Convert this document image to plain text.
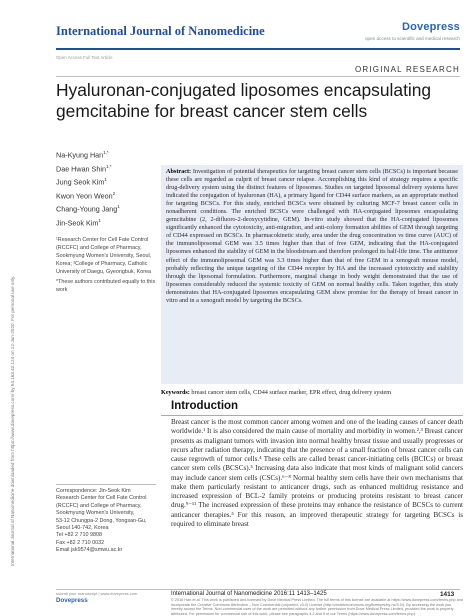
International Journal of Nanomedicine	Dovepress
open access to scientific and medical research
Open Access Full Text Article
ORIGINAL RESEARCH
Hyaluronan-conjugated liposomes encapsulating gemcitabine for breast cancer stem cells
International Journal of Nanomedicine downloaded from https://www.dovepress.com/ by 54.163.42.124 on 12-Jun-2020. For personal use only.
Na-Kyung Han$^{1,*}$
Dae Hwan Shin$^{1,*}$
Jung Seok Kim$^1$
Kwon Yeon Weon$^2$
Chang-Young Jang$^1$
Jin-Seok Kim$^1$
¹Research Center for Cell Fate Control (RCCFC) and College of Pharmacy, Sookmyung Women's University, Seoul, Korea; ²College of Pharmacy, Catholic University of Daegu, Gyeongbuk, Korea
*These authors contributed equally to this work
Abstract: Investigation of potential therapeutics for targeting breast cancer stem cells (BCSCs) is important because these cells are regarded as culprit of breast cancer relapse. Accomplishing this kind of strategy requires a specific drug-delivery system using the distinct features of liposomes. Studies on targeted liposomal delivery systems have indicated the conjugation of hyaluronan (HA), a primary ligand for CD44 surface markers, as an appropriate method for targeting BCSCs. For this study, enriched BCSCs were obtained by culturing MCF-7 breast cancer cells in nonadherent conditions. The enriched BCSCs were challenged with HA-conjugated liposomes encapsulating gemcitabine (2, 2-difluoro-2-deoxycytidine, GEM). In-vitro study showed that the HA-conjugated liposomes significantly enhanced the cytotoxicity, anti-migration, and anti-colony formation abilities of GEM through targeting of CD44 expressed on BCSCs. In pharmacokinetic study, area under the drug concentration vs time curve (AUC) of the immunoliposomal GEM was 3.5 times higher than that of free GEM, indicating that the HA-conjugated liposomes enhanced the stability of GEM in the bloodstream and therefore prolonged its half-life time. The antitumor effect of the immunoliposomal GEM was 3.3 times higher than that of free GEM in a xenograft mouse model, probably reflecting the unique targeting of the CD44 receptor by HA and the increased cytotoxicity and stability through the liposomal formulation. Furthermore, marginal change in body weight demonstrated that the use of liposomes considerably reduced the systemic toxicity of GEM on normal healthy cells. Taken together, this study demonstrates that HA-conjugated liposomes encapsulating GEM show promise for the therapy of breast cancer in vitro and in a xenograft model by targeting the BCSCs.
Keywords: breast cancer stem cells, CD44 surface marker, EPR effect, drug delivery system
Introduction
Breast cancer is the most common cancer among women and one of the leading causes of cancer death worldwide.¹ It is also considered the main cause of mortality and morbidity in women.²,³ Breast cancer presents as malignant tumors with invasion into normal healthy breast tissue and usually progresses or recurs after radiation therapy, indicating that the presence of a small fraction of breast cancer cells can cause regrowth of tumor cells.⁴ These cells are called breast cancer-initiating cells (BCICs) or breast cancer stem cells (BCSCs).⁵ Increasing data also indicate that most kinds of malignant solid cancers may include cancer stem cells (CSCs).⁶⁻⁸ Normal healthy stem cells have their own mechanisms that make them particularly resistant to anticancer drugs, such as enhanced multidrug resistance and increased expression of BCL-2 family proteins or producing proteins resistant to breast cancer drug.⁹⁻¹¹ The increased expression of these proteins may enhance the resistance of BCSCs to current anticancer therapies.⁵ For this reason, an improved therapeutic strategy for targeting BCSCs is required to eliminate breast
Correspondence: Jin-Seok Kim
Research Center for Cell Fate Control (RCCFC) and College of Pharmacy, Sookmyung Women's University,
53-12 Chungpa-2 Dong, Yongsan-Gu, Seoul 140-742, Korea
Tel +82 2 710 9808
Fax +82 2 710 0032
Email jsk9574@smwu.ac.kr
submit your manuscript | www.dovepress.com
Dovepress
International Journal of Nanomedicine 2016:11 1413–1425	1413
© 2016 Han et al. This work is published and licensed by Dove Medical Press Limited. The full terms of this license are available at https://www.dovepress.com/terms.php and incorporate the Creative Commons Attribution – Non Commercial (unported, v3.0) License (http://creativecommons.org/licenses/by-nc/3.0/). By accessing the work you hereby accept the Terms. Non-commercial uses of the work are permitted without any further permission from Dove Medical Press Limited, provided the work is properly attributed. For permission for commercial use of this work, please see paragraphs 4.2 and 5 of our Terms (https://www.dovepress.com/terms.php).
